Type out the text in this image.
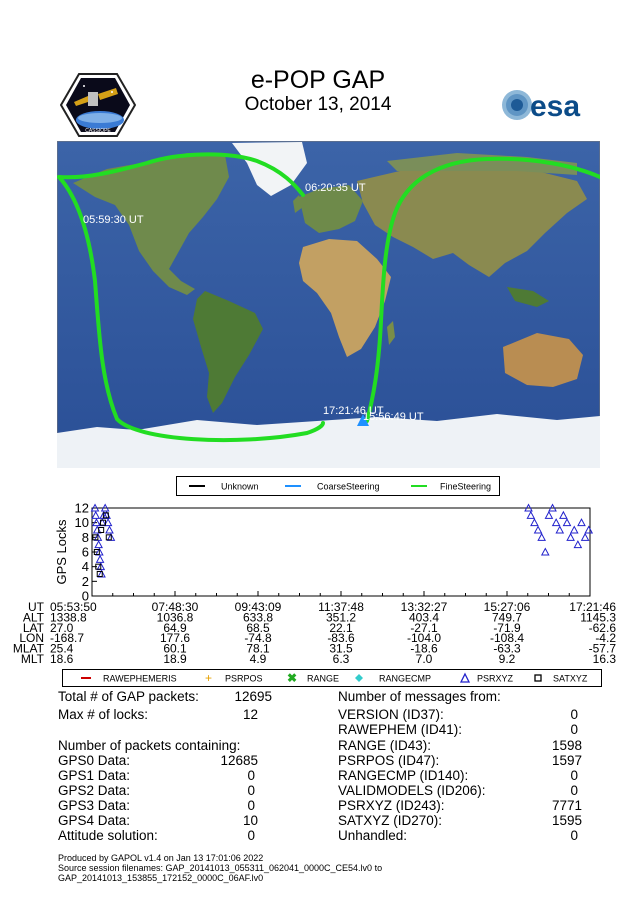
e-POP GAP
October 13, 2014
CASSIOPE
esa
06:20:35 UT
05:59:30 UT
17:21:46 UT
15:56:49 UT
Unknown	CoarseSteering	FineSteering
GPS Locks
0
2
4
6
8
10
12
UT 05:53:50	07:48:30	09:43:09	11:37:48	13:32:27	15:27:06	17:21:46
ALT 1338.8	1036.8	633.8	351.2	403.4	749.7	1145.3
LAT 27.0	64.9	68.5	22.1	-27.1	-71.9	-62.6
LON -168.7	177.6	-74.8	-83.6	-104.0	-108.4	-4.2
MLAT 25.4	60.1	78.1	31.5	-18.6	-63.3	-57.7
MLT 18.6	18.9	4.9	6.3	7.0	9.2	16.3
RAWEPHEMERIS + PSRPOS ✖ RANGE	RANGECMP	PSRXYZ	SATXYZ
Total # of GAP packets:	12695
Max # of locks:	12
Number of packets containing:
GPS0 Data:	12685
GPS1 Data:	0
GPS2 Data:	0
GPS3 Data:	0
GPS4 Data:	10
Attitude solution:	0
Number of messages from:
VERSION (ID37):	0
RAWEPHEM (ID41):	0
RANGE (ID43):	1598
PSRPOS (ID47):	1597
RANGECMP (ID140):	0
VALIDMODELS (ID206):	0
PSRXYZ (ID243):	7771
SATXYZ (ID270):	1595
Unhandled:	0
Produced by GAPOL v1.4 on Jan 13 17:01:06 2022
Source session filenames: GAP_20141013_055311_062041_0000C_CE54.lv0 to
GAP_20141013_153855_172152_0000C_06AF.lv0
